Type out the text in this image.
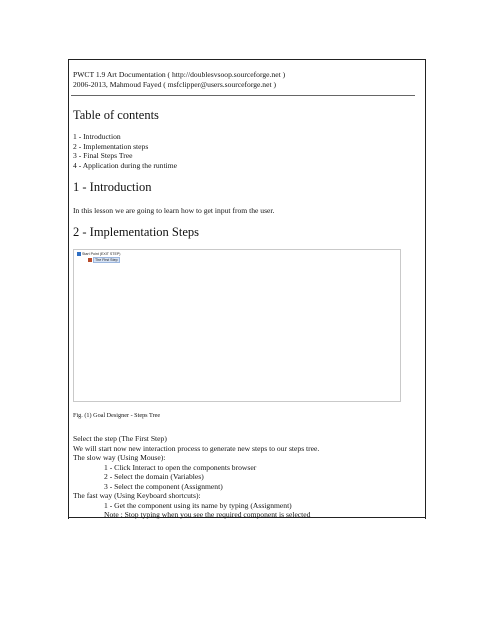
PWCT 1.9 Art Documentation ( http://doublesvsoop.sourceforge.net )
2006-2013, Mahmoud Fayed ( msfclipper@users.sourceforge.net )
Table of contents
1 - Introduction
2 - Implementation steps
3 - Final Steps Tree
4 - Application during the runtime
1 - Introduction
In this lesson we are going to learn how to get input from the user.
2 - Implementation Steps
Start Point (EXIT STEP)
The First Step
Fig. (1) Goal Designer - Steps Tree
Select the step (The First Step)
We will start now new interaction process to generate new steps to our steps tree.
The slow way (Using Mouse):
1 - Click Interact to open the components browser
2 - Select the domain (Variables)
3 - Select the component (Assignment)
The fast way (Using Keyboard shortcuts):
1 - Get the component using its name by typing (Assignment)
Note : Stop typing when you see the required component is selected
